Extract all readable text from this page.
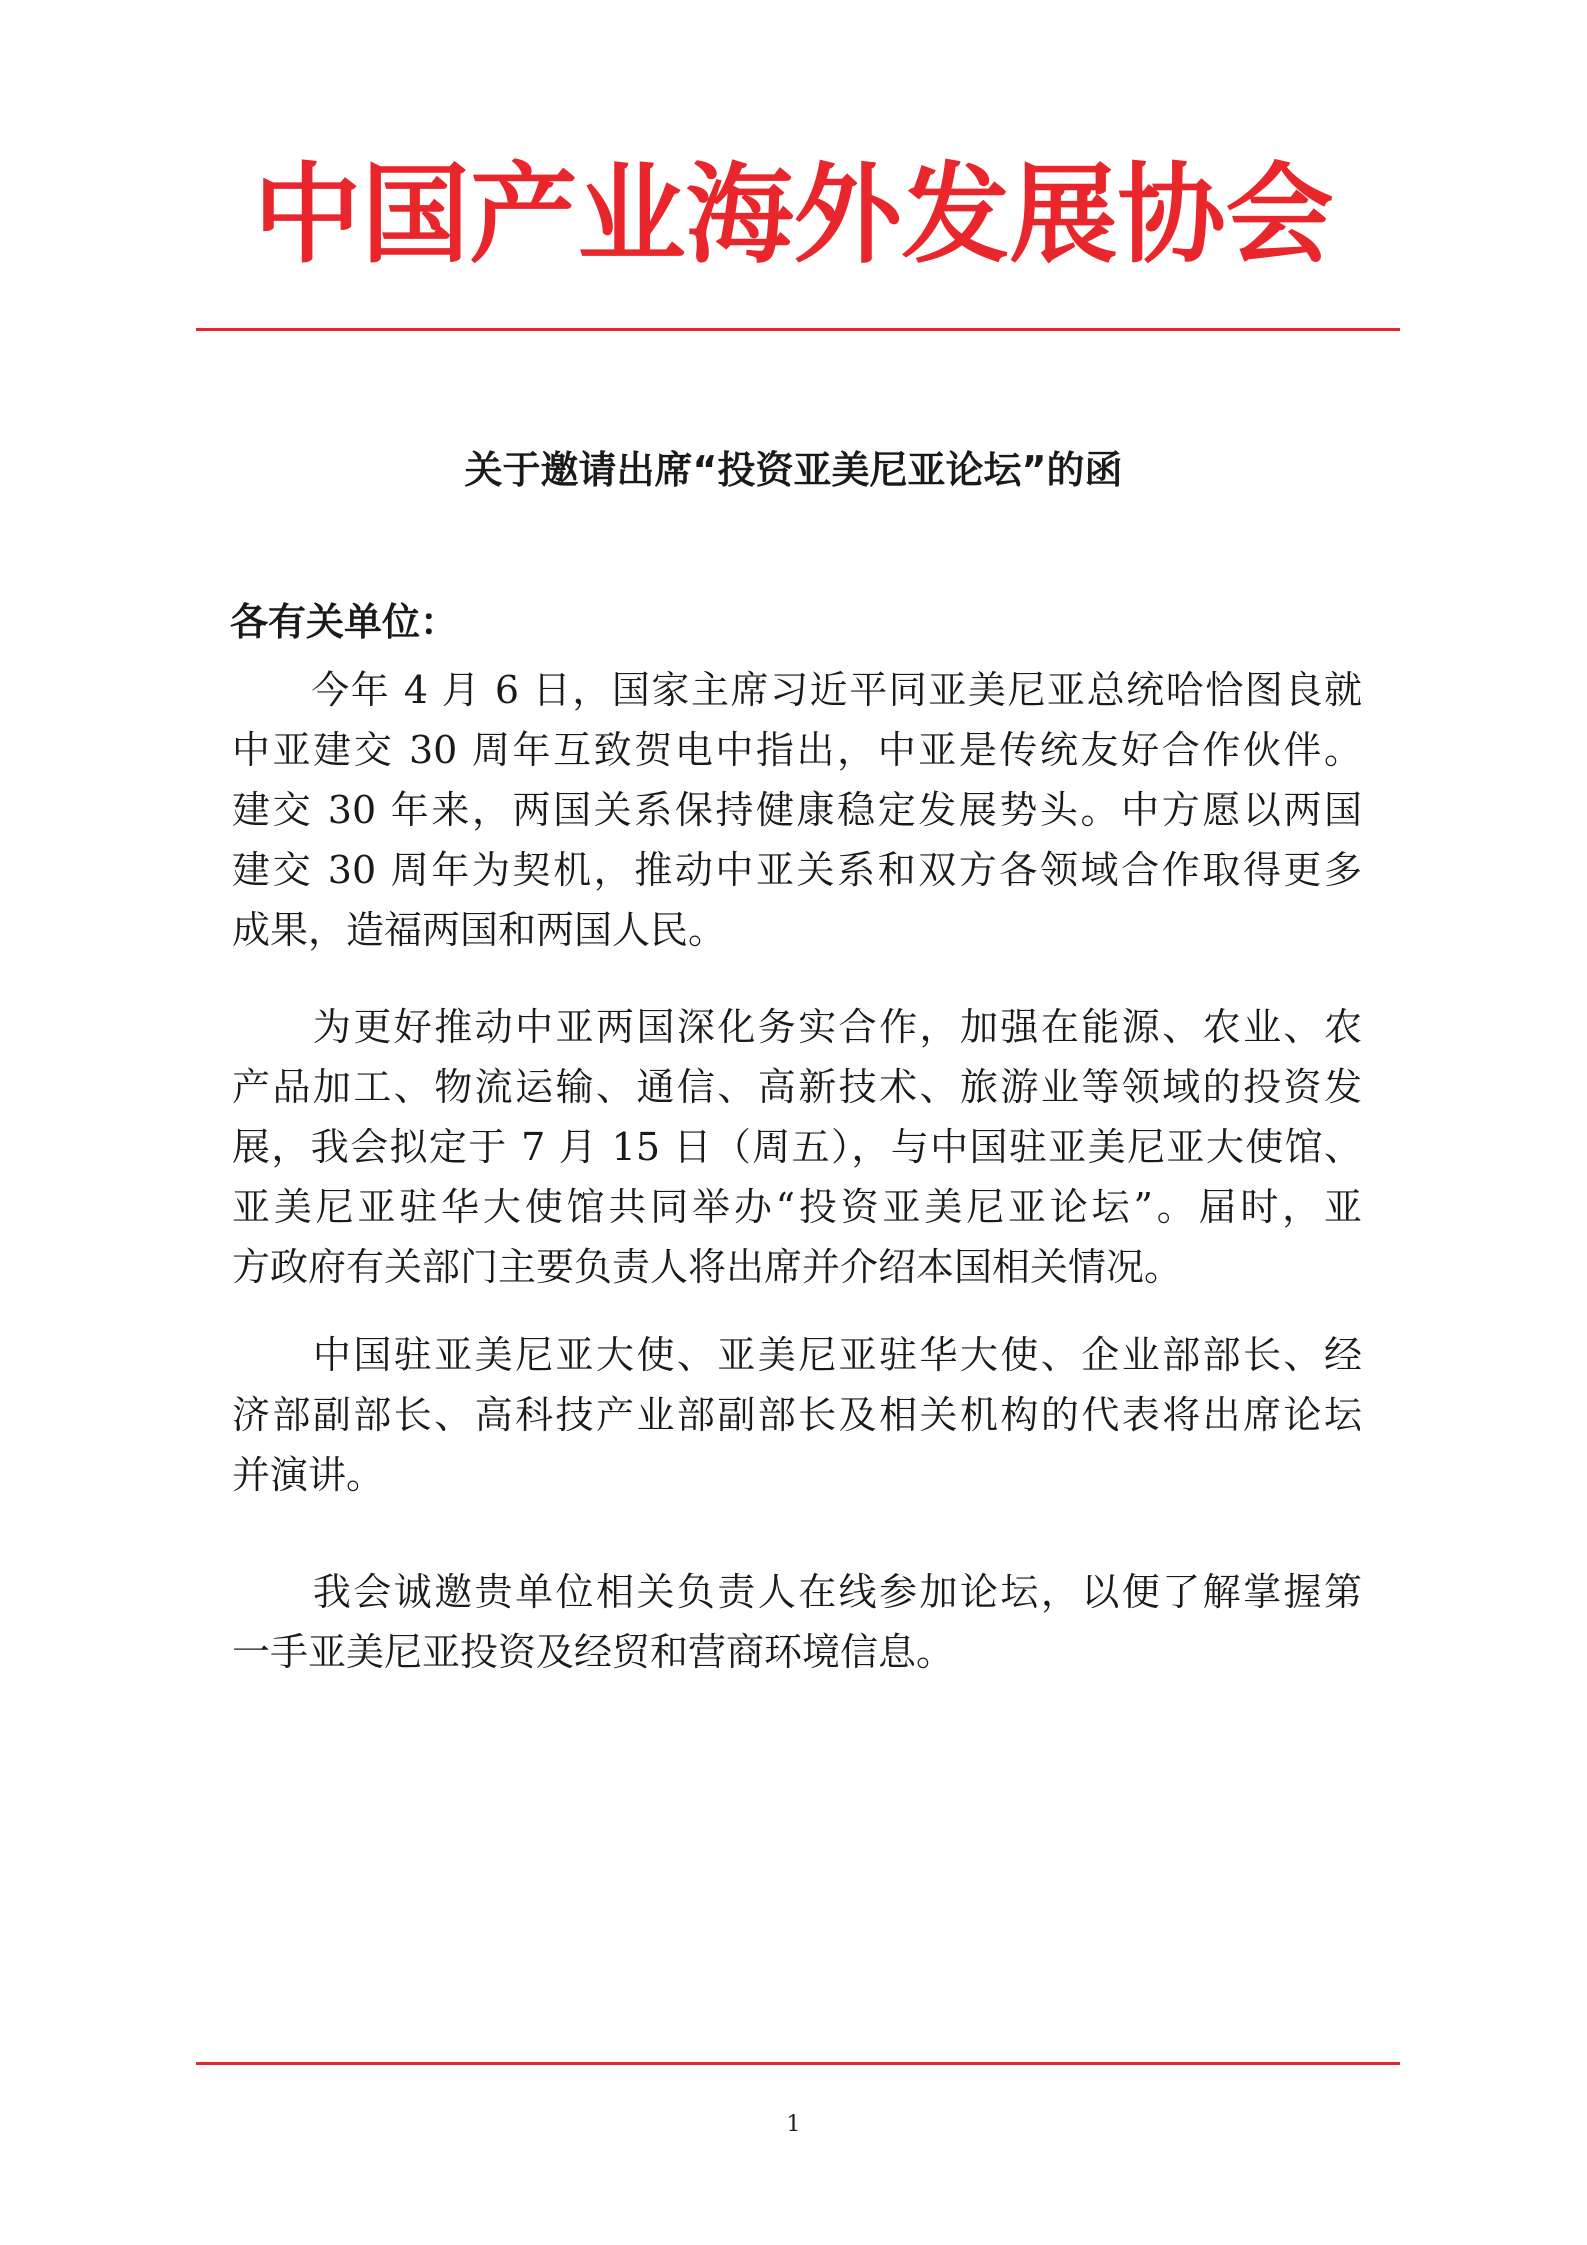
中国产业海外发展协会
关于邀请出席“投资亚美尼亚论坛”的函
各有关单位：
　　今年 4 月 6 日，国家主席习近平同亚美尼亚总统哈恰图良就
中亚建交 30 周年互致贺电中指出，中亚是传统友好合作伙伴。
建交 30 年来，两国关系保持健康稳定发展势头。中方愿以两国
建交 30 周年为契机，推动中亚关系和双方各领域合作取得更多
成果，造福两国和两国人民。
　　为更好推动中亚两国深化务实合作，加强在能源、农业、农
产品加工、物流运输、通信、高新技术、旅游业等领域的投资发
展，我会拟定于 7 月 15 日（周五），与中国驻亚美尼亚大使馆、
亚美尼亚驻华大使馆共同举办“投资亚美尼亚论坛”。届时，亚
方政府有关部门主要负责人将出席并介绍本国相关情况。
　　中国驻亚美尼亚大使、亚美尼亚驻华大使、企业部部长、经
济部副部长、高科技产业部副部长及相关机构的代表将出席论坛
并演讲。
　　我会诚邀贵单位相关负责人在线参加论坛，以便了解掌握第
一手亚美尼亚投资及经贸和营商环境信息。
1
